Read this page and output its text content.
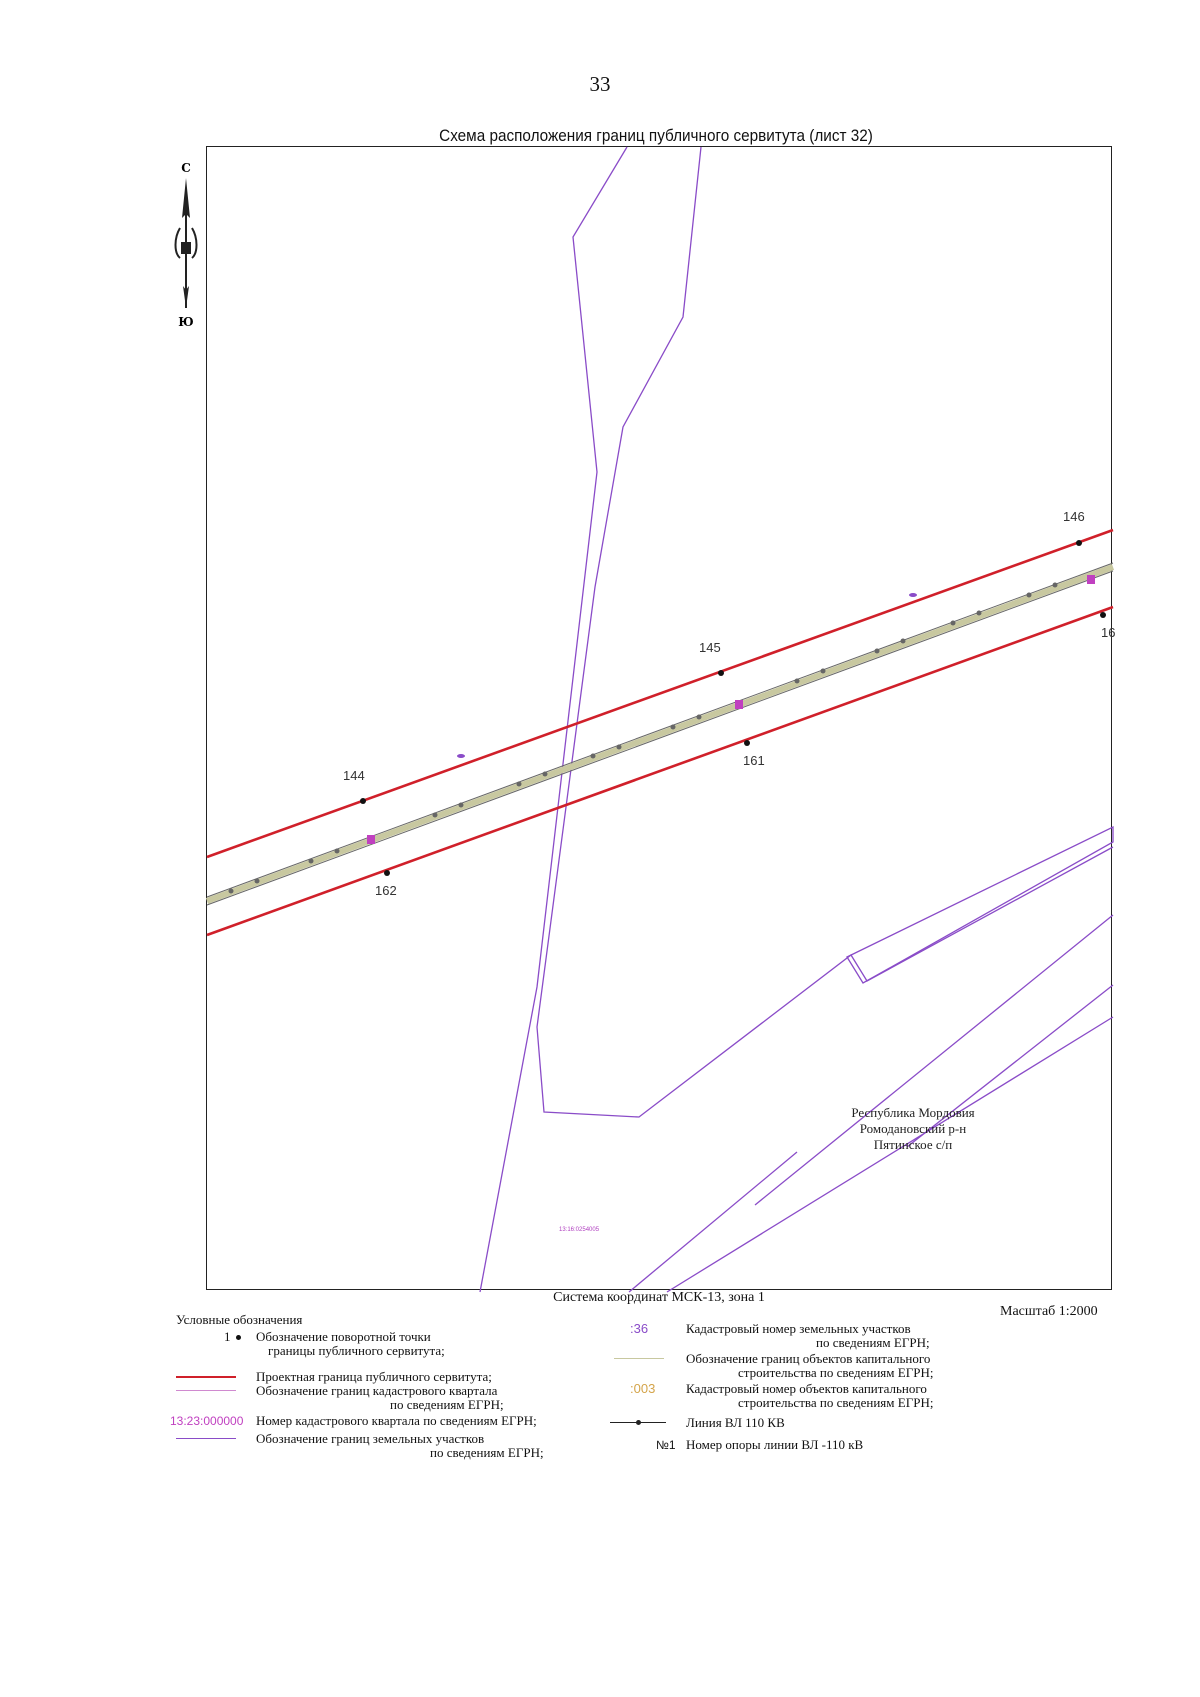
33
Схема расположения границ публичного сервитута (лист 32)
С
Ю
144
145
146
16
161
162
Республика Мордовия
Ромодановский р-н
Пятинское с/п
13:16:0254005
Система координат МСК-13, зона 1
Масштаб 1:2000
Условные обозначения
1 Обозначение поворотной точки
границы публичного сервитута;
Проектная граница публичного сервитута;
Обозначение границ кадастрового квартала
по сведениям ЕГРН;
13:23:000000 Номер кадастрового квартала по сведениям ЕГРН;
Обозначение границ земельных участков
по сведениям ЕГРН;
:36	Кадастровый номер земельных участков
по сведениям ЕГРН;
Обозначение границ объектов капитального
строительства по сведениям ЕГРН;
:003 Кадастровый номер объектов капитального
строительства по сведениям ЕГРН;
Линия ВЛ 110 КВ
№1 Номер опоры линии ВЛ -110 кВ
